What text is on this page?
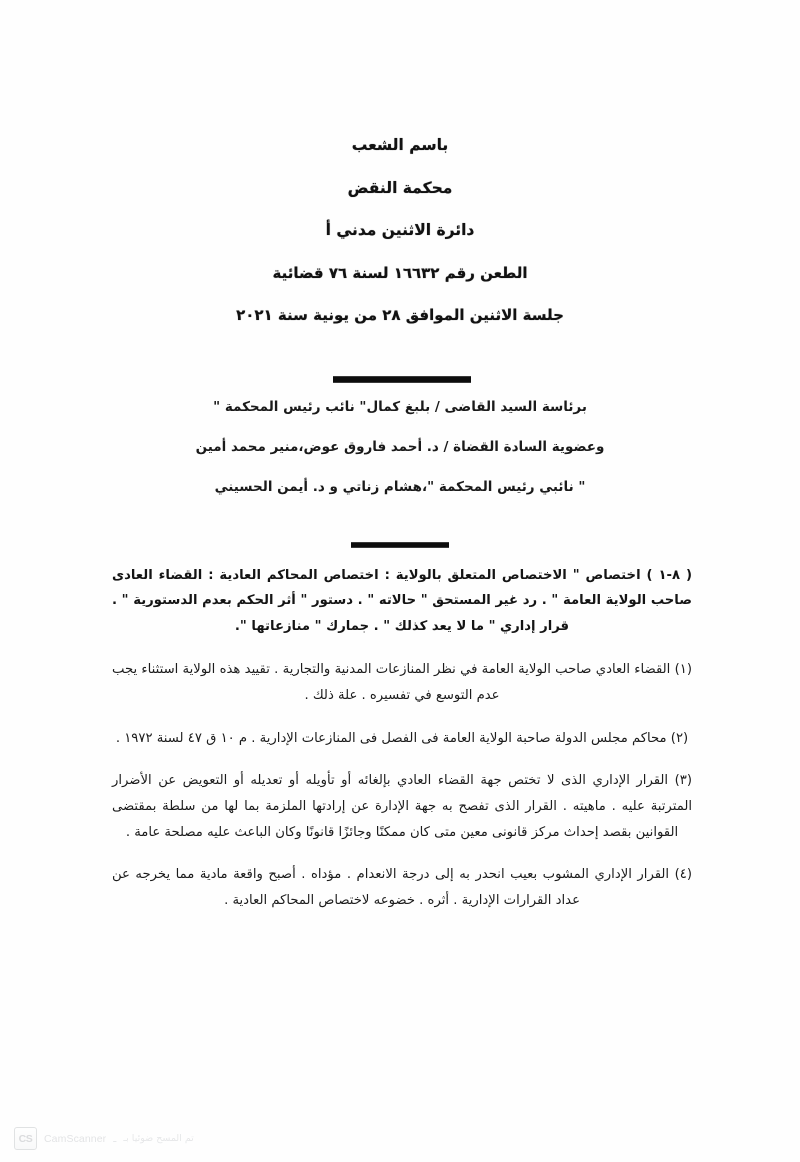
باسم الشعب
محكمة النقض
دائرة الاثنين مدني أ
الطعن رقم ١٦٦٣٢ لسنة ٧٦ قضائية
جلسة الاثنين الموافق ٢٨ من يونية سنة ٢٠٢١
برئاسة السيد القاضى / بلبغ كمال" نائب رئيس المحكمة "
وعضوية السادة القضاة / د. أحمد فاروق عوض،منير محمد أمين
" نائبي رئيس المحكمة "،هشام زناتي و د. أيمن الحسيني
( ٨-١ ) اختصاص " الاختصاص المتعلق بالولاية : اختصاص المحاكم العادية : القضاء العادى صاحب الولاية العامة " . رد غير المستحق " حالاته " . دستور " أثر الحكم بعدم الدستورية " . قرار إداري " ما لا يعد كذلك " . جمارك " منازعاتها ".
(١) القضاء العادي صاحب الولاية العامة في نظر المنازعات المدنية والتجارية . تقييد هذه الولاية استثناء يجب عدم التوسع في تفسيره . علة ذلك .
(٢) محاكم مجلس الدولة صاحبة الولاية العامة فى الفصل فى المنازعات الإدارية . م ١٠ ق ٤٧ لسنة ١٩٧٢ .
(٣) القرار الإداري الذى لا تختص جهة القضاء العادي بإلغائه أو تأويله أو تعديله أو التعويض عن الأضرار المترتبة عليه . ماهيته . القرار الذى تفصح به جهة الإدارة عن إرادتها الملزمة بما لها من سلطة بمقتضى القوانين بقصد إحداث مركز قانونى معين متى كان ممكنًا وجائزًا قانونًا وكان الباعث عليه مصلحة عامة .
(٤) القرار الإداري المشوب بعيب انحدر به إلى درجة الانعدام . مؤداه . أصبح واقعة مادية مما يخرجه عن عداد القرارات الإدارية . أثره . خضوعه لاختصاص المحاكم العادية .
CS	CamScanner ـ تم المسح ضوئيا بـ
